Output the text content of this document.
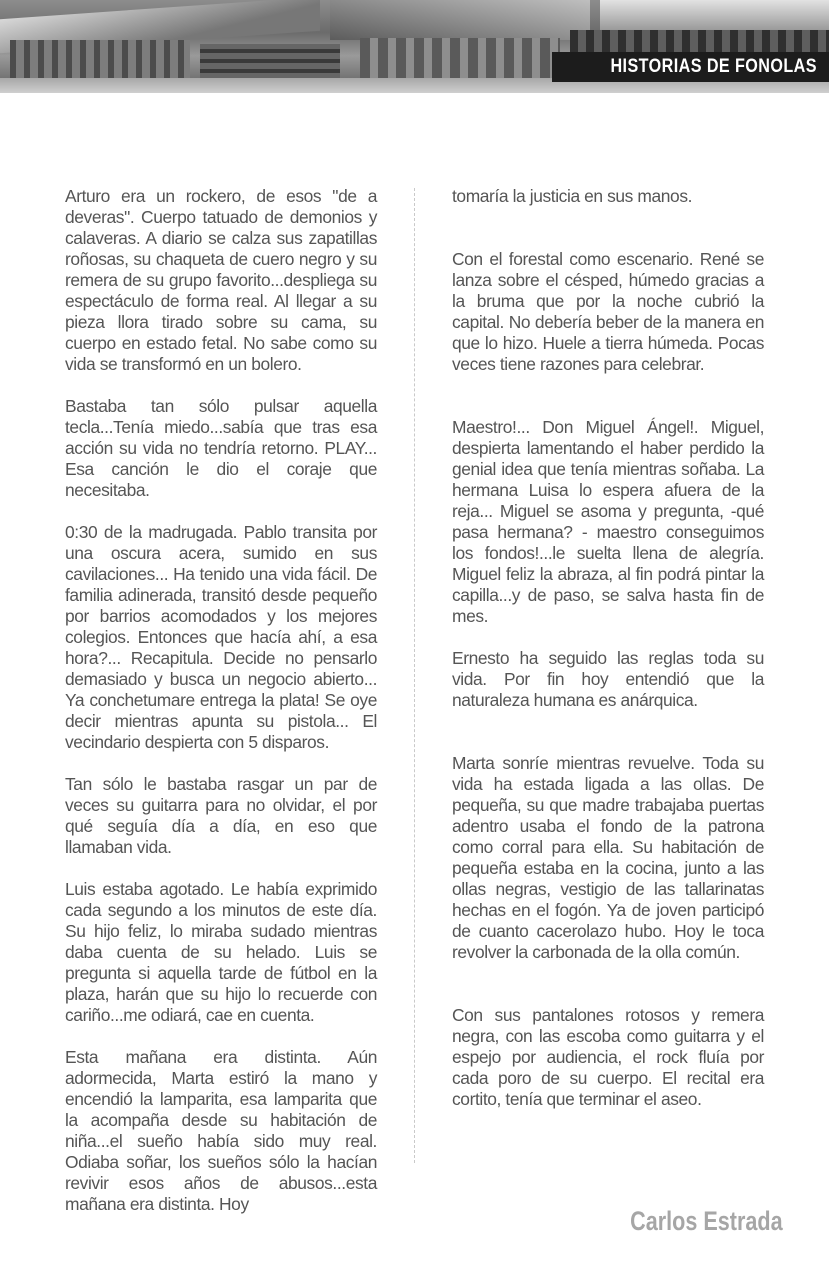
HISTORIAS DE FONOLAS

Arturo era un rockero, de esos "de a deveras". Cuerpo tatuado de demonios y calaveras. A diario se calza sus zapatillas roñosas, su chaqueta de cuero negro y su remera de su grupo favorito...despliega su espectáculo de forma real. Al llegar a su pieza llora tirado sobre su cama, su cuerpo en estado fetal. No sabe como su vida se transformó en un bolero.

Bastaba tan sólo pulsar aquella tecla...Tenía miedo...sabía que tras esa acción su vida no tendría retorno. PLAY... Esa canción le dio el coraje que necesitaba.

0:30 de la madrugada. Pablo transita por una oscura acera, sumido en sus cavilaciones... Ha tenido una vida fácil. De familia adinerada, transitó desde pequeño por barrios acomodados y los mejores colegios. Entonces que hacía ahí, a esa hora?... Recapitula. Decide no pensarlo demasiado y busca un negocio abierto... Ya conchetumare entrega la plata! Se oye decir mientras apunta su pistola... El vecindario despierta con 5 disparos.

Tan sólo le bastaba rasgar un par de veces su guitarra para no olvidar, el por qué seguía día a día, en eso que llamaban vida.

Luis estaba agotado. Le había exprimido cada segundo a los minutos de este día. Su hijo feliz, lo miraba sudado mientras daba cuenta de su helado. Luis se pregunta si aquella tarde de fútbol en la plaza, harán que su hijo lo recuerde con cariño...me odiará, cae en cuenta.

Esta mañana era distinta. Aún adormecida, Marta estiró la mano y encendió la lamparita, esa lamparita que la acompaña desde su habitación de niña...el sueño había sido muy real. Odiaba soñar, los sueños sólo la hacían revivir esos años de abusos...esta mañana era distinta. Hoy

tomaría la justicia en sus manos.

Con el forestal como escenario. René se lanza sobre el césped, húmedo gracias a la bruma que por la noche cubrió la capital. No debería beber de la manera en que lo hizo. Huele a tierra húmeda. Pocas veces tiene razones para celebrar.

Maestro!... Don Miguel Ángel!. Miguel, despierta lamentando el haber perdido la genial idea que tenía mientras soñaba. La hermana Luisa lo espera afuera de la reja... Miguel se asoma y pregunta, -qué pasa hermana? - maestro conseguimos los fondos!...le suelta llena de alegría. Miguel feliz la abraza, al fin podrá pintar la capilla...y de paso, se salva hasta fin de mes.

Ernesto ha seguido las reglas toda su vida. Por fin hoy entendió que la naturaleza humana es anárquica.

Marta sonríe mientras revuelve. Toda su vida ha estada ligada a las ollas. De pequeña, su que madre trabajaba puertas adentro usaba el fondo de la patrona como corral para ella. Su habitación de pequeña estaba en la cocina, junto a las ollas negras, vestigio de las tallarinatas hechas en el fogón. Ya de joven participó de cuanto cacerolazo hubo. Hoy le toca revolver la carbonada de la olla común.

Con sus pantalones rotosos y remera negra, con las escoba como guitarra y el espejo por audiencia, el rock fluía por cada poro de su cuerpo. El recital era cortito, tenía que terminar el aseo.

Carlos Estrada
